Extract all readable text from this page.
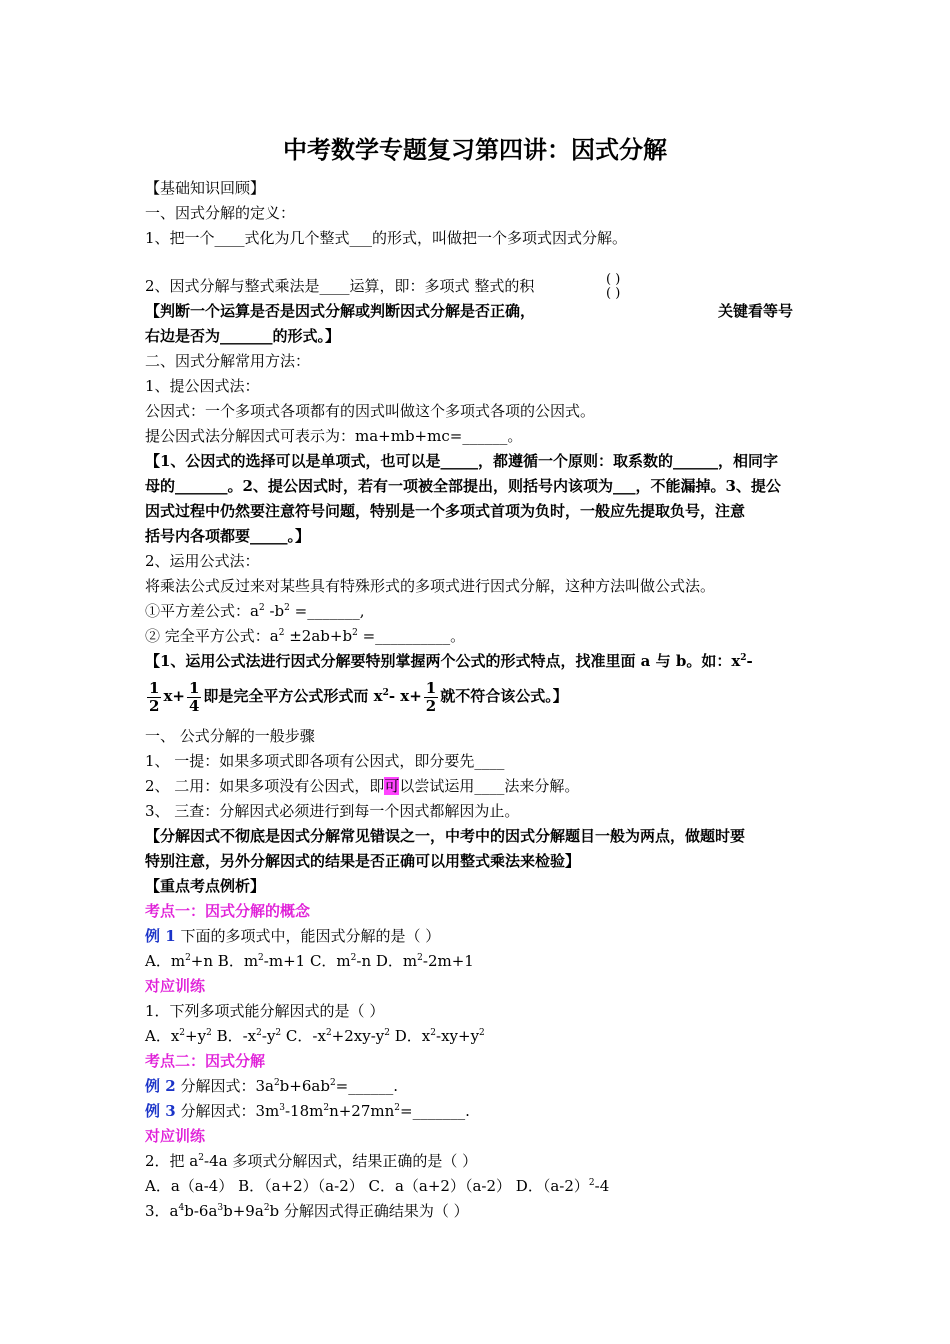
中考数学专题复习第四讲：因式分解
【基础知识回顾】
一、因式分解的定义：
1、把一个____式化为几个整式___的形式，叫做把一个多项式因式分解。
2、因式分解与整式乘法是____运算，即：多项式 整式的积	( )
( )
【判断一个运算是否是因式分解或判断因式分解是否正确，	关键看等号
右边是否为_______的形式。】
二、因式分解常用方法：
1、提公因式法：
公因式：一个多项式各项都有的因式叫做这个多项式各项的公因式。
提公因式法分解因式可表示为：ma+mb+mc=______。
【1、公因式的选择可以是单项式，也可以是_____，都遵循一个原则：取系数的______，相同字
母的_______。2、提公因式时，若有一项被全部提出，则括号内该项为___，不能漏掉。3、提公
因式过程中仍然要注意符号问题，特别是一个多项式首项为负时，一般应先提取负号，注意
括号内各项都要_____。】
2、运用公式法：
将乘法公式反过来对某些具有特殊形式的多项式进行因式分解，这种方法叫做公式法。
①平方差公式：$a^2$ $-b^2$ =_______,
② 完全平方公式：$a^2 \pm 2ab+b^2$ =__________。
【1、运用公式法进行因式分解要特别掌握两个公式的形式特点，找准里面 a 与 b。如：$x^2-$
$\frac{1}{2} x+ \frac{1}{4}$ 即是完全平方公式形式而 $x^2-$ $x+ \frac{1}{2}$ 就不符合该公式。】
一、 公式分解的一般步骤
1、 一提：如果多项式即各项有公因式，即分要先____
2、 二用：如果多项没有公因式，即可以尝试运用____法来分解。
3、 三查：分解因式必须进行到每一个因式都解因为止。
【分解因式不彻底是因式分解常见错误之一，中考中的因式分解题目一般为两点，做题时要
特别注意，另外分解因式的结果是否正确可以用整式乘法来检验】
【重点考点例析】
考点一：因式分解的概念
例 1 下面的多项式中，能因式分解的是（ ）
A．$m^2+n$ B．$m^2-m+1$ C．$m^2-n$ D．$m^2-2m+1$
对应训练
1．下列多项式能分解因式的是（ ）
A．$x^2+y^2$ B．$-x^2-y^2$ C．$-x^2+2xy-y^2$ D．$x^2-xy+y^2$
考点二：因式分解
例 2 分解因式：$3a^2b+6ab^2=\_\_\_\_\_\_$.
例 3 分解因式：$3m^3-18m^2n+27mn^2=\_\_\_\_\_\_\_$.
对应训练
2．把 $a^2-4a$ 多项式分解因式，结果正确的是（ ）
A．a（a-4） B．（a+2）（a-2） C．a（a+2）（a-2） D．$(a-2)^2-4$
3．$a^4b-6a^3b+9a^2b$ 分解因式得正确结果为（ ）
